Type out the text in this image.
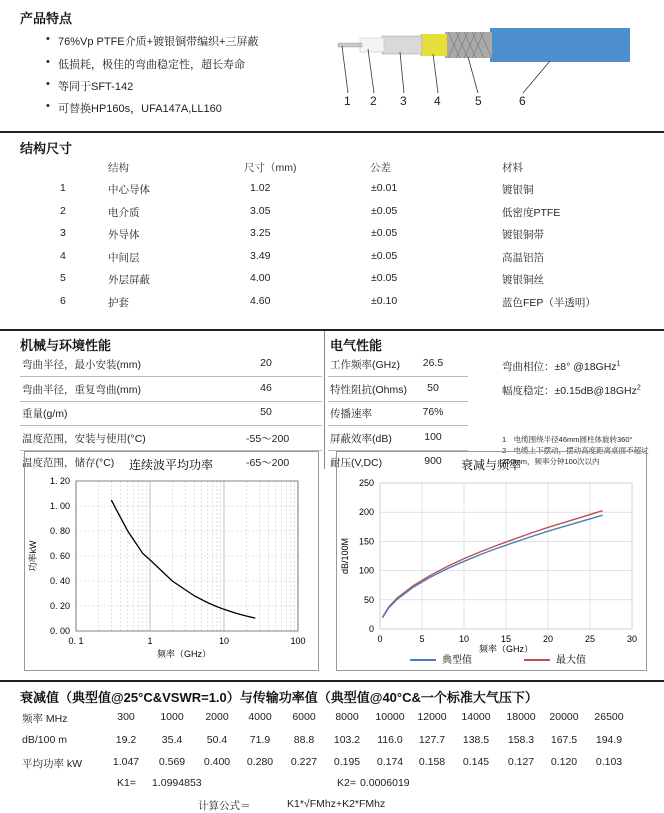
产品特点
• 76%Vp PTFE介质+镀银铜带编织+三屏蔽
• 低损耗，极佳的弯曲稳定性，超长寿命
• 等同于SFT-142
• 可替换HP160s，UFA147A,LL160
1 2 3 4	5	6
结构尺寸
结构	尺寸（mm)	公差	材料
1	中心导体	1.02	±0.01	镀银铜
2	电介质	3.05	±0.05	低密度PTFE
3	外导体	3.25	±0.05	镀银铜带
4	中间层	3.49	±0.05	高温铝箔
5	外层屏蔽	4.00	±0.05	镀银铜丝
6	护套	4.60	±0.10	蓝色FEP（半透明）
机械与环境性能	电气性能
弯曲半径，最小安装(mm)	20
弯曲半径，重复弯曲(mm)	46
重量(g/m)	50
温度范围，安装与使用(°C)	-55～200
温度范围，储存(°C)	-65～200
工作频率(GHz)	26.5
特性阻抗(Ohms)	50
传播速率	76%
屏蔽效率(dB)	100
耐压(V,DC)	900
弯曲相位：±8° @18GHz$^1$
幅度稳定：±0.15dB@18GHz$^2$
1　电缆围绕半径46mm圆柱体旋转360°
2　电缆上下摆动，摆动高度距离桌面不超过
150mm，频率分钟100次以内
0. 00
0. 20
0. 40
0. 60
0. 80
1. 00
1. 20
0. 1	1	10	100
连续波平均功率
频率（GHz）
功率kW
0
50
100
150
200
250
0	5	10	15	20	25	30
衰减与频率
频率（GHz）
dB/100M
典型值	最大值
衰减值（典型值@25°C&VSWR=1.0）与传输功率值（典型值@40°C&一个标准大气压下）
频率 MHz	300	1000	2000	4000	6000	8000	10000	12000	14000	18000	20000	26500
dB/100 m	19.2	35.4	50.4	71.9	88.8	103.2	116.0	127.7	138.5	158.3	167.5	194.9
平均功率 kW	1.047	0.569	0.400	0.280	0.227	0.195	0.174	0.158	0.145	0.127	0.120	0.103
K1= 1.0994853	K2= 0.0006019
计算公式＝	K1*√FMhz+K2*FMhz
